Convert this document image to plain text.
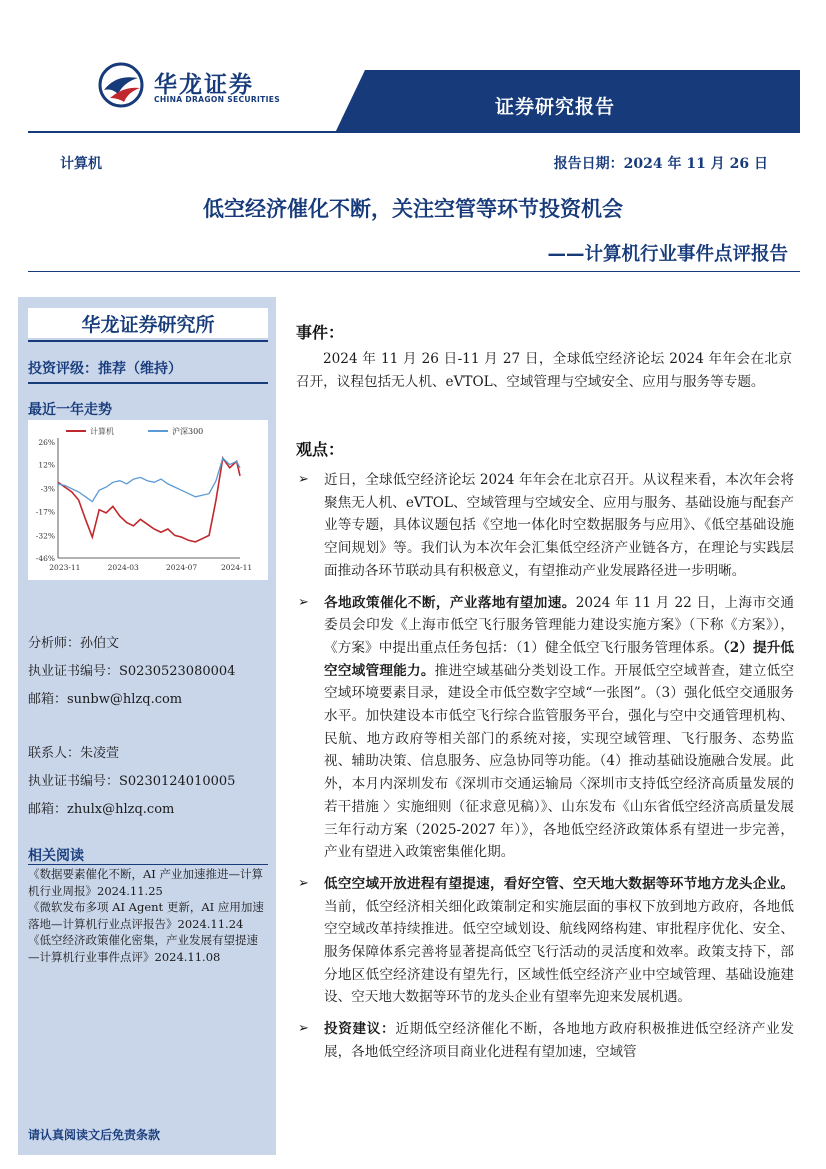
华龙证券
CHINA DRAGON SECURITIES	证券研究报告
计算机	报告日期：2024 年 11 月 26 日
低空经济催化不断，关注空管等环节投资机会
——计算机行业事件点评报告
华龙证券研究所
投资评级：推荐（维持）
最近一年走势
26%
12%
-3%
-17%
-32%
-46%
2023-11	2024-03	2024-07	2024-11
计算机	沪深300
分析师：孙伯文
执业证书编号：S0230523080004
邮箱：sunbw@hlzq.com
联系人：朱凌萱
执业证书编号：S0230124010005
邮箱：zhulx@hlzq.com
相关阅读

《数据要素催化不断，AI 产业加速推进—计算机行业周报》2024.11.25

《微软发布多项 AI Agent 更新，AI 应用加速落地—计算机行业点评报告》2024.11.24

《低空经济政策催化密集，产业发展有望提速—计算机行业事件点评》2024.11.08

请认真阅读文后免责条款
事件：

2024 年 11 月 26 日-11 月 27 日，全球低空经济论坛 2024 年年会在北京召开，议程包括无人机、eVTOL、空域管理与空域安全、应用与服务等专题。

观点：
➢ 近日，全球低空经济论坛 2024 年年会在北京召开。从议程来看，本次年会将聚焦无人机、eVTOL、空域管理与空域安全、应用与服务、基础设施与配套产业等专题，具体议题包括《空地一体化时空数据服务与应用》、《低空基础设施空间规划》等。我们认为本次年会汇集低空经济产业链各方，在理论与实践层面推动各环节联动具有积极意义，有望推动产业发展路径进一步明晰。
➢ 各地政策催化不断，产业落地有望加速。2024 年 11 月 22 日，上海市交通委员会印发《上海市低空飞行服务管理能力建设实施方案》（下称《方案》），《方案》中提出重点任务包括：（1）健全低空飞行服务管理体系。（2）提升低空空域管理能力。推进空域基础分类划设工作。开展低空空域普查，建立低空空域环境要素目录，建设全市低空数字空域“一张图”。（3）强化低空交通服务水平。加快建设本市低空飞行综合监管服务平台，强化与空中交通管理机构、民航、地方政府等相关部门的系统对接，实现空域管理、飞行服务、态势监视、辅助决策、信息服务、应急协同等功能。（4）推动基础设施融合发展。此外，本月内深圳发布《深圳市交通运输局〈深圳市支持低空经济高质量发展的若干措施 〉实施细则（征求意见稿）》、山东发布《山东省低空经济高质量发展三年行动方案（2025-2027 年）》，各地低空经济政策体系有望进一步完善，产业有望进入政策密集催化期。
➢ 低空空域开放进程有望提速，看好空管、空天地大数据等环节地方龙头企业。当前，低空经济相关细化政策制定和实施层面的事权下放到地方政府，各地低空空域改革持续推进。低空空域划设、航线网络构建、审批程序优化、安全、服务保障体系完善将显著提高低空飞行活动的灵活度和效率。政策支持下，部分地区低空经济建设有望先行，区域性低空经济产业中空域管理、基础设施建设、空天地大数据等环节的龙头企业有望率先迎来发展机遇。
➢ 投资建议：近期低空经济催化不断，各地地方政府积极推进低空经济产业发展，各地低空经济项目商业化进程有望加速，空域管
